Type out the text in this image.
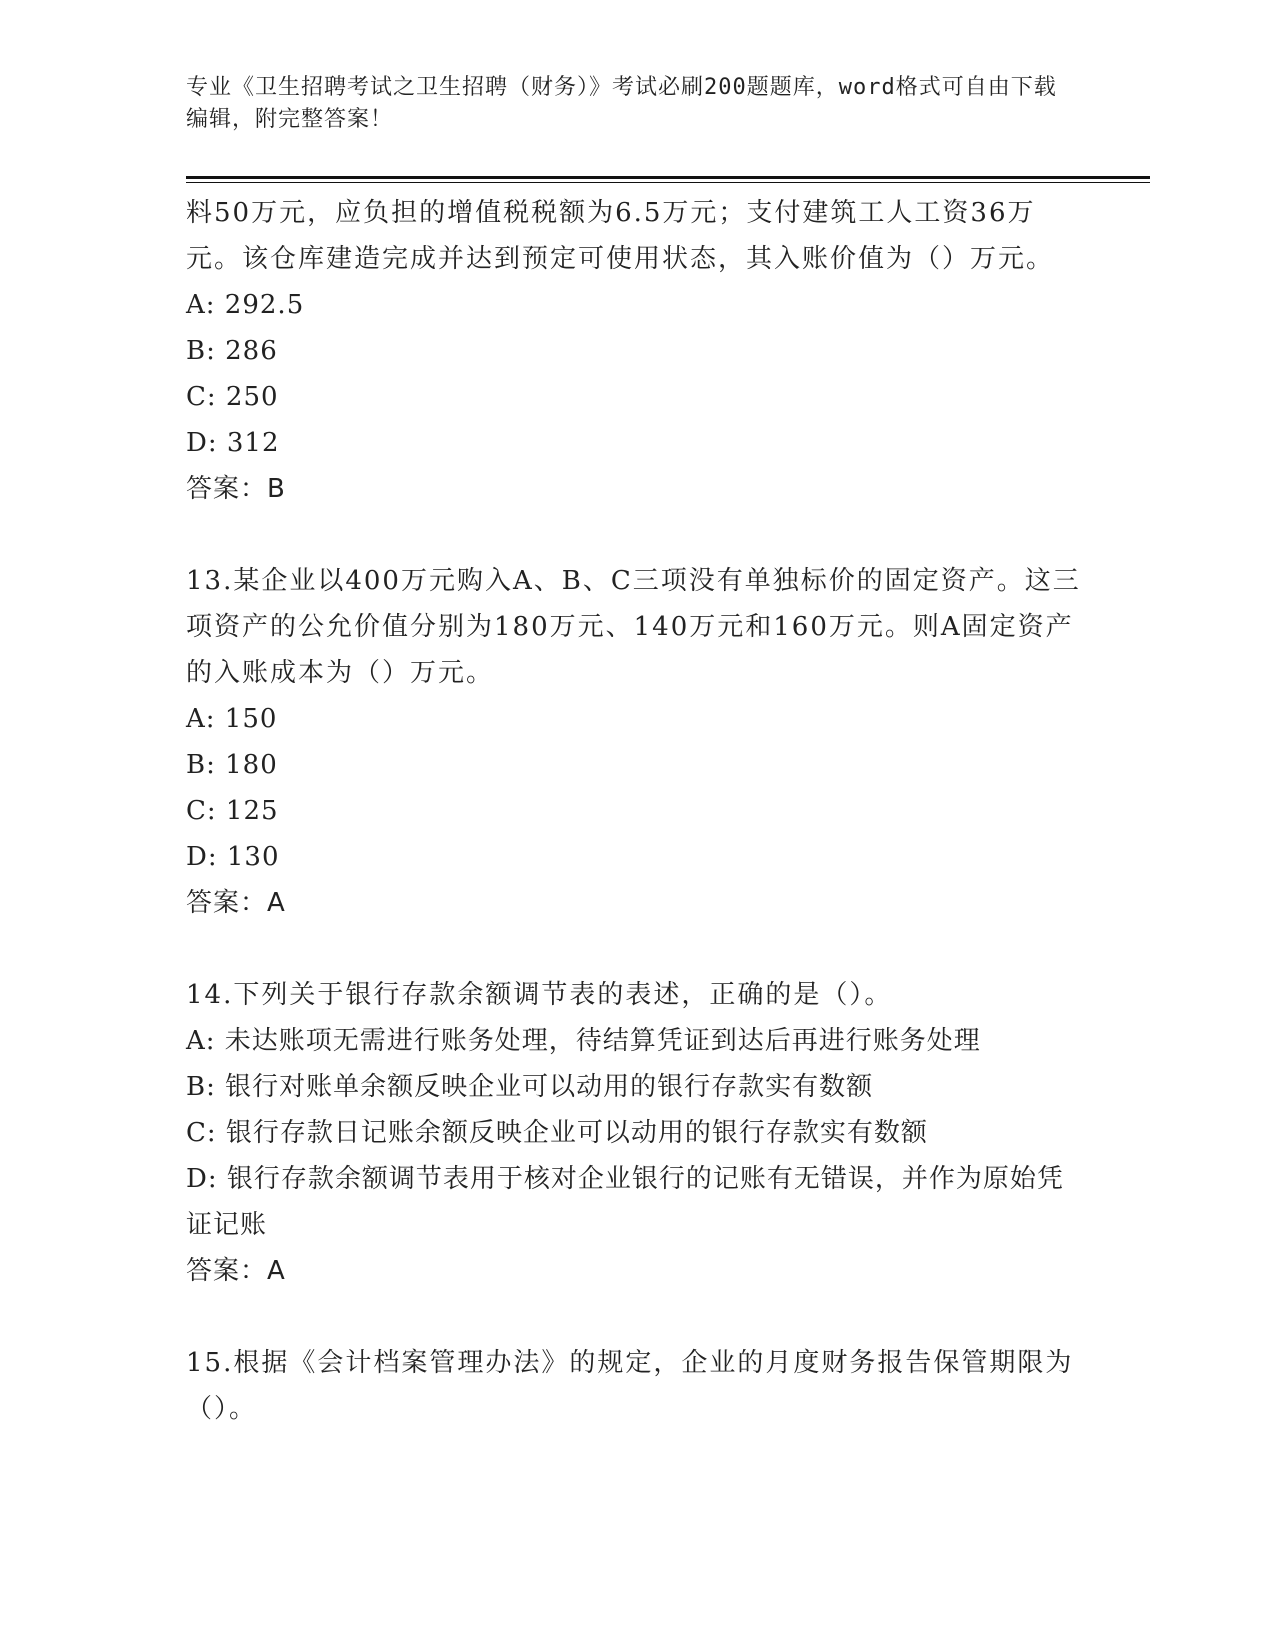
专业《卫生招聘考试之卫生招聘（财务）》考试必刷200题题库，word格式可自由下载编辑，附完整答案！

料50万元，应负担的增值税税额为6.5万元；支付建筑工人工资36万元。该仓库建造完成并达到预定可使用状态，其入账价值为（）万元。

A: 292.5

B: 286

C: 250

D: 312

答案：B

13.某企业以400万元购入A、B、C三项没有单独标价的固定资产。这三项资产的公允价值分别为180万元、140万元和160万元。则A固定资产的入账成本为（）万元。

A: 150

B: 180

C: 125

D: 130

答案：A

14.下列关于银行存款余额调节表的表述，正确的是（）。

A: 未达账项无需进行账务处理，待结算凭证到达后再进行账务处理

B: 银行对账单余额反映企业可以动用的银行存款实有数额

C: 银行存款日记账余额反映企业可以动用的银行存款实有数额

D: 银行存款余额调节表用于核对企业银行的记账有无错误，并作为原始凭证记账

答案：A

15.根据《会计档案管理办法》的规定，企业的月度财务报告保管期限为（）。
